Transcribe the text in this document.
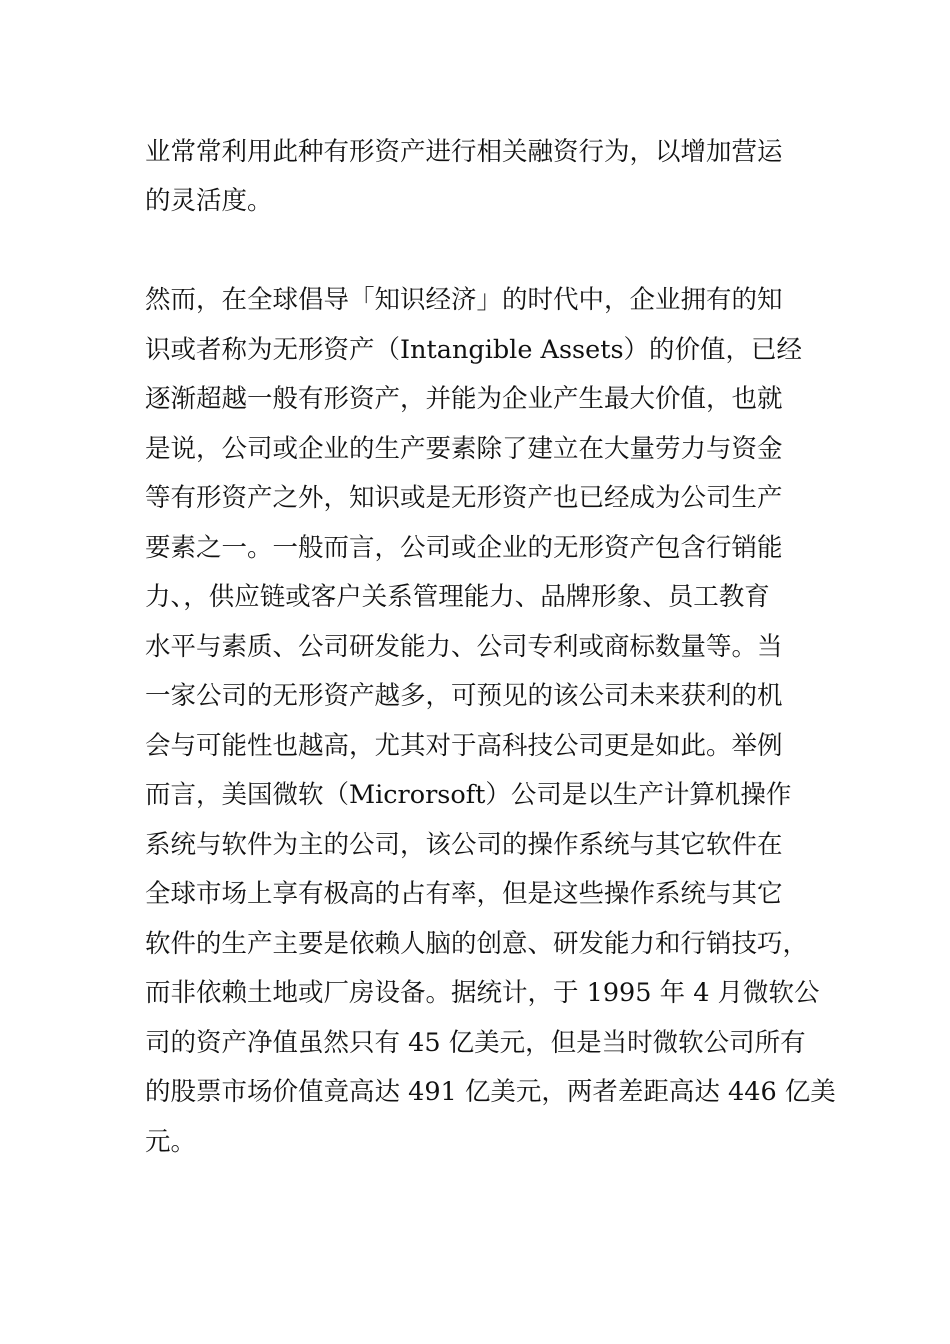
业常常利用此种有形资产进行相关融资行为，以增加营运

的灵活度。

然而，在全球倡导「知识经济」的时代中，企业拥有的知

识或者称为无形资产（Intangible Assets）的价值，已经

逐渐超越一般有形资产，并能为企业产生最大价值，也就

是说，公司或企业的生产要素除了建立在大量劳力与资金

等有形资产之外，知识或是无形资产也已经成为公司生产

要素之一。一般而言，公司或企业的无形资产包含行销能

力、，供应链或客户关系管理能力、品牌形象、员工教育

水平与素质、公司研发能力、公司专利或商标数量等。当

一家公司的无形资产越多，可预见的该公司未来获利的机

会与可能性也越高，尤其对于高科技公司更是如此。举例

而言，美国微软（Microrsoft）公司是以生产计算机操作

系统与软件为主的公司，该公司的操作系统与其它软件在

全球市场上享有极高的占有率，但是这些操作系统与其它

软件的生产主要是依赖人脑的创意、研发能力和行销技巧，

而非依赖土地或厂房设备。据统计，于 1995 年 4 月微软公

司的资产净值虽然只有 45 亿美元，但是当时微软公司所有

的股票市场价值竟高达 491 亿美元，两者差距高达 446 亿美

元。
